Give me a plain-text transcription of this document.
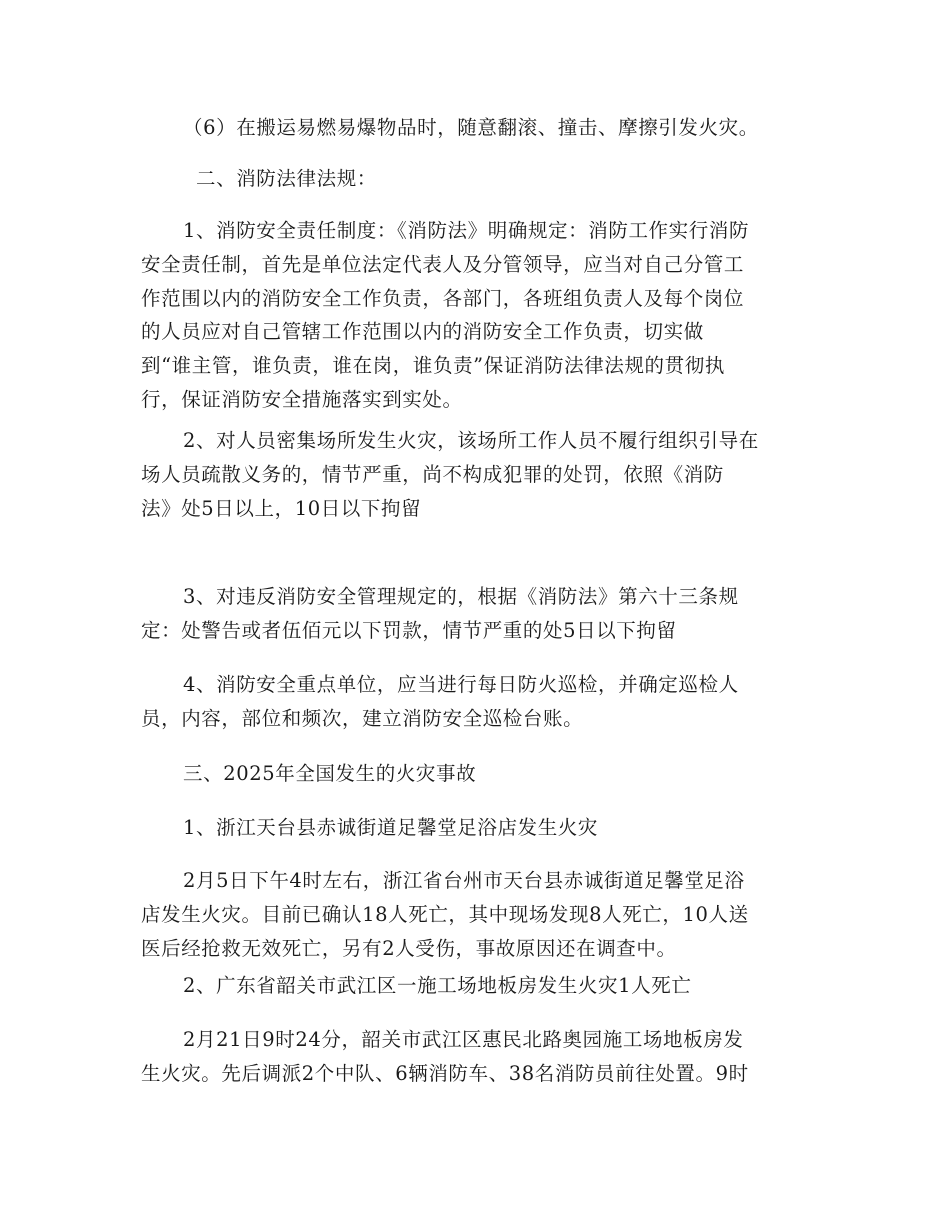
（6）在搬运易燃易爆物品时，随意翻滚、撞击、摩擦引发火灾。
二、消防法律法规：
1、消防安全责任制度：《消防法》明确规定：消防工作实行消防
安全责任制，首先是单位法定代表人及分管领导，应当对自己分管工
作范围以内的消防安全工作负责，各部门，各班组负责人及每个岗位
的人员应对自己管辖工作范围以内的消防安全工作负责，切实做
到“谁主管，谁负责，谁在岗，谁负责”保证消防法律法规的贯彻执
行，保证消防安全措施落实到实处。
2、对人员密集场所发生火灾，该场所工作人员不履行组织引导在
场人员疏散义务的，情节严重，尚不构成犯罪的处罚，依照《消防
法》处5日以上，10日以下拘留
3、对违反消防安全管理规定的，根据《消防法》第六十三条规
定：处警告或者伍佰元以下罚款，情节严重的处5日以下拘留
4、消防安全重点单位，应当进行每日防火巡检，并确定巡检人
员，内容，部位和频次，建立消防安全巡检台账。
三、2025年全国发生的火灾事故
1、浙江天台县赤诚街道足馨堂足浴店发生火灾
2月5日下午4时左右，浙江省台州市天台县赤诚街道足馨堂足浴
店发生火灾。目前已确认18人死亡，其中现场发现8人死亡，10人送
医后经抢救无效死亡，另有2人受伤，事故原因还在调查中。
2、广东省韶关市武江区一施工场地板房发生火灾1人死亡
2月21日9时24分，韶关市武江区惠民北路奥园施工场地板房发
生火灾。先后调派2个中队、6辆消防车、38名消防员前往处置。9时
